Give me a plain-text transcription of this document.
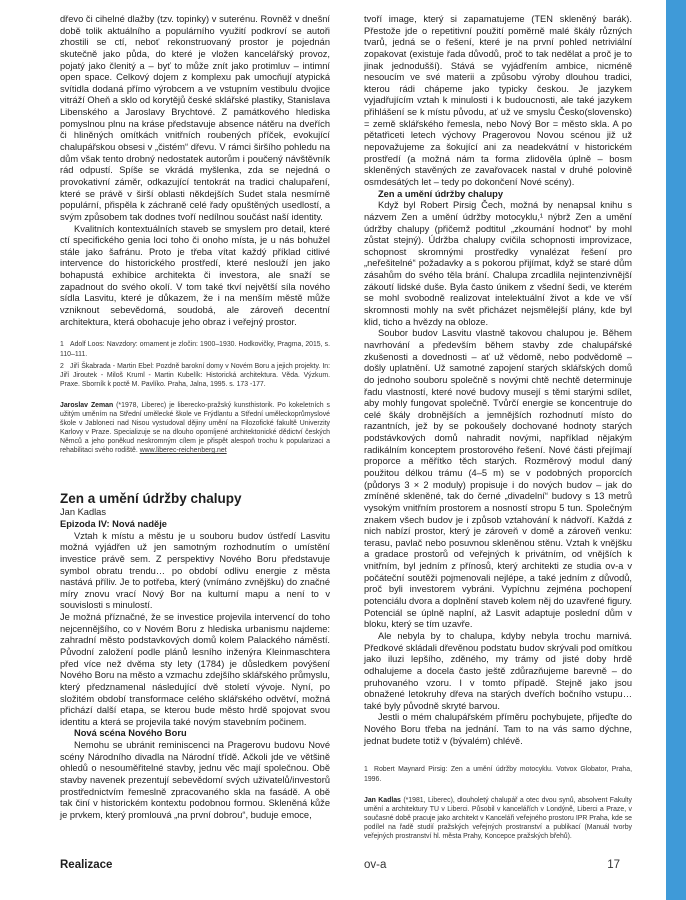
dřevo či cihelné dlažby (tzv. topinky) v suterénu. Rovněž v dnešní době tolik aktuálního a populárního využití podkroví se autoři zhostili se ctí, neboť rekonstruovaný prostor je pojednán skutečně jako půda, do které je vložen kancelářský provoz, pojatý jako členitý a – byť to může znít jako protimluv – intimní open space. Celkový dojem z komplexu pak umocňují atypická svítidla dodaná přímo výrobcem a ve vstupním vestibulu dvojice vitráží Oheň a sklo od korytějů české sklářské plastiky, Stanislava Libenského a Jaroslavy Brychtové. Z památkového hlediska pomyslnou plnu na kráse představuje absence nátěru na dveřích či hliněných omítkách vnitřních roubených příček, evokující chalupářskou obsesi v „čistém“ dřevu. V rámci širšího pohledu na dům však tento drobný nedostatek autorům i poučený návštěvník rád odpustí. Spíše se vkrádá myšlenka, zda se nejedná o provokativní záměr, odkazující tentokrát na tradici chalupaření, které se právě v širší oblasti někdejších Sudet stala nesmírně populární, přispěla k záchraně celé řady opuštěných usedlostí, a svým způsobem tak dodnes tvoří nedílnou součást naší identity.

Kvalitních kontextuálních staveb se smyslem pro detail, které ctí specifického genia loci toho či onoho místa, je u nás bohužel stále jako šafránu. Proto je třeba vítat každý příklad citlivé intervence do historického prostředí, které neslouží jen jako bohapustá exhibice architekta či investora, ale snaží se zapadnout do svého okolí. V tom také tkví největší síla nového sídla Lasvitu, které je důkazem, že i na menším městě může vzniknout sebevědomá, soudobá, ale zároveň decentní architektura, která obohacuje jeho obraz i veřejný prostor.

1 Adolf Loos: Navzdory: ornament je zločin: 1900–1930. Hodkovičky, Pragma, 2015, s. 110–111.

2 Jiří Škabrada - Martin Ebel: Pozdně barokní domy v Novém Boru a jejich projekty. In: Jiří Jiroutek - Miloš Kruml - Martin Kubelík: Historická architektura. Věda. Výzkum. Praxe. Sborník k poctě M. Pavlíko. Praha, Jalna, 1995. s. 173 -177.

Jaroslav Zeman (*1978, Liberec) je liberecko-pražský kunsthistorik. Po kokeletních s užitým uměním na Střední umělecké škole ve Frýdlantu a Střední uměleckoprůmyslové škole v Jabloneci nad Nisou vystudoval dějiny umění na Filozofické fakultě Univerzity Karlovy v Praze. Specializuje se na dlouho opomíjené architektonické dědictví českých Němců a jeho poněkud neskromným cílem je přispět alespoň trochu k popularizaci a rehabilitaci svého rodiště. www.liberec-reichenberg.net

Zen a umění údržby chalupy

Jan Kadlas

Epizoda IV: Nová naděje

Vztah k místu a městu je u souboru budov ústředí Lasvitu možná vyjádřen už jen samotným rozhodnutím o umístění investice právě sem. Z perspektivy Nového Boru představuje symbol obratu trendu… po období odlivu energie z města nastává příliv. Je to potřeba, který (vnímáno zvnějšku) do značné míry znovu vrací Nový Bor na kulturní mapu a není to v souvislosti s minulostí.

Je možná příznačné, že se investice projevila intervencí do toho nejcennějšího, co v Novém Boru z hlediska urbanismu najdeme: zahradní město podstavkových domů kolem Palackého náměstí. Původní založení podle plánů lesního inženýra Kleinmaschtera před více než dvěma sty lety (1784) je důsledkem povýšení Nového Boru na město a vzmachu zdejšího sklářského průmyslu, který předznamenal následující dvě století vývoje. Nyní, po složitém období transformace celého sklářského odvětví, možná přichází další etapa, se kterou bude město hrdě spojovat svou identitu a která se projevila také novým stavebním počinem.

Nová scéna Nového Boru

Nemohu se ubránit reminiscenci na Pragerovu budovu Nové scény Národního divadla na Národní třídě. Ačkoli jde ve většině ohledů o nesouměřitelné stavby, jednu věc mají společnou. Obě stavby navenek prezentují sebevědomí svých uživatelů/investorů prostřednictvím řemeslně zpracovaného skla na fasádě. A obě tak činí v historickém kontextu podobnou formou. Skleněná kůže je prvkem, který promlouvá „na první dobrou“, buduje emoce,

tvoří image, který si zapamatujeme (TEN skleněný barák). Přestože jde o repetitivní použití poměrně malé škály různých tvarů, jedná se o řešení, které je na první pohled netriviální zopakovat (existuje řada důvodů, proč to tak nedělat a proč je to jinak jednodušší). Stává se vyjádřením ambice, nicméně nesoucím ve své materii a způsobu výroby dlouhou tradici, kterou rádi chápeme jako typicky českou. Je jazykem vyjadřujícím vztah k minulosti i k budoucnosti, ale také jazykem přihlášení se k místu původu, ať už ve smyslu Česko(slovensko) = země sklářského řemesla, nebo Nový Bor = město skla. A po pětatřiceti letech výchovy Pragerovou Novou scénou již už nepovažujeme za šokující ani za neadekvátní v historickém prostředí (a možná nám ta forma zlidověla úplně – bosm skleněných stavěných ze zavařovacek nastal v druhé polovině osmdesátých let – tedy po dokončení Nové scény).

Zen a umění údržby chalupy

Když byl Robert Pirsig Čech, možná by nenapsal knihu s názvem Zen a umění údržby motocyklu,¹ nýbrž Zen a umění údržby chalupy (přičemž podtitul „zkoumání hodnot“ by mohl zůstat stejný). Údržba chalupy cvičila schopnosti improvizace, schopnost skromnými prostředky vynalézat řešení pro „neřešitelné“ požadavky a s pokorou přijímat, když se staré dům zásahům do svého těla brání. Chalupa zrcadlila nejintenzivnější zákoutí lidské duše. Byla často únikem z všední šedi, ve kterém se mohl svobodně realizovat intelektuální život a kde ve vší skromnosti mohly na svět přicházet nejsmělejší plány, kde byl klid, ticho a hvězdy na obloze.

Soubor budov Lasvitu vlastně takovou chalupou je. Během navrhování a především během stavby zde chalupářské zkušenosti a dovednosti – ať už vědomě, nebo podvědomě – došly uplatnění. Už samotné zapojení starých sklářských domů do jednoho souboru společně s novými chtě nechtě determinuje řadu vlastností, které nové budovy musejí s těmi starými sdílet, aby mohly fungovat společně. Tvůrčí energie se koncentruje do celé škály drobnějších a jemnějších rozhodnutí místo do razantních, jež by se pokoušely dochované hodnoty starých podstávkových domů nahradit novými, například nějakým radikálním konceptem prostorového řešení. Nové části přejímají proporce a měřítko těch starých. Rozměrový modul daný použitou délkou trámu (4–5 m) se v podobných proporcích (půdorys 3 × 2 moduly) propisuje i do nových budov – jak do zmíněné skleněné, tak do černé „divadelní“ budovy s 13 metrů vysokým vnitřním prostorem a nosností stropu 5 tun. Společným znakem všech budov je i způsob vztahování k nádvoří. Každá z nich nabízí prostor, který je zároveň v domě a zároveň venku: terasu, pavlač nebo posuvnou skleněnou stěnu. Vztah k vnějšku a gradace prostorů od veřejných k privátním, od vnějších k vnitřním, byl jedním z přínosů, který architekti ze studia ov-a v počáteční soutěži pojmenovali nejlépe, a také jedním z důvodů, proč byli investorem vybráni. Vypíchnu zejména pochopení potenciálu dvora a doplnění staveb kolem něj do uzavřené figury. Potenciál se úplně naplní, až Lasvit adaptuje poslední dům v bloku, který se tím uzavře.

Ale nebyla by to chalupa, kdyby nebyla trochu marnivá. Předkové skládali dřevěnou podstatu budov skrývali pod omítkou jako iluzi lepšího, zděného, my trámy od jisté doby hrdě odhalujeme a docela často ještě zdůrazňujeme barevně – do pruhovaného vzoru. I v tomto případě. Stejně jako jsou obnažené letokruhy dřeva na starých dveřích bočního vstupu… také byly původně skryté barvou.

Jestli o mém chalupářském příměru pochybujete, přijeďte do Nového Boru třeba na jednání. Tam to na vás samo dýchne, jednat budete totiž v (bývalém) chlévě.

1 Robert Maynard Pirsig: Zen a umění údržby motocyklu. Votvox Globator, Praha, 1996.

Jan Kadlas (*1981, Liberec), dlouholetý chalupář a otec dvou synů, absolvent Fakulty umění a architektury TU v Liberci. Působil v kancelářích v Londýně, Liberci a Praze, v současné době pracuje jako architekt v Kanceláři veřejného prostoru IPR Praha, kde se podílel na řadě studií pražských veřejných prostranství a publikací (Manuál tvorby veřejných prostranství hl. města Prahy, Koncepce pražských břehů).

Realizace	ov-a	17
